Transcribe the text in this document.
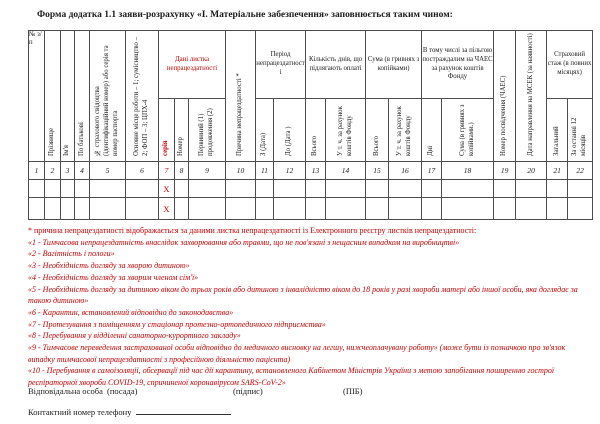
Форма додатка 1.1 заяви-розрахунку «І. Матеріальне забезпечення» заповнюється таким чином:

№ з/п	Прізвище	Ім'я	По батькові	№ страхового свідоцтва (ідентифікаційний номер) або серія та номер паспорта	Основне місце роботи – 1; сумісництво –2; ФОП – 3; ЦПХ-4	Дані листка непрацездатності			Причина непрацездатності *	Період непрацездатності		Кількість днів, що підлягають оплаті		Сума (в гривнях з копійками)		В тому числі за пільгою постраждалим на ЧАЕС за рахунок коштів Фонду		Номер посвідчення (ЧАЕС)	Дата направлення на МСЕК (за наявності)	Страховий стаж (в повних місяцях)	
						серія	Номер	Первинний (1) продовження (2)		З (Дата)	До (Дата )	Всього	У т. ч. за рахунок коштів Фонду	Всього	У т. ч. за рахунок коштів Фонду	Дні	Сума (в гривнях з копійками.)			Загальний	За останні 12 місяців
1	2	3	4	5	6	7	8	9	10	11	12	13	14	15	16	17	18	19	20	21	22
						X															
						X															

* причина непрацездатності відображається за даними листка непрацездатності із Електронного реєстру листків непрацездатності:

«1 - Тимчасова непрацездатність внаслідок захворювання або травми, що не пов'язані з нещасним випадком на виробництві»

«2 - Вагітність і пологи»

«3 - Необхідність догляду за хворою дитиною»

«4 - Необхідність догляду за хворим членом сім'ї»

«5 - Необхідність догляду за дитиною віком до трьох років або дитиною з інвалідністю віком до 18 років у разі хвороби матері або іншої особи, яка доглядає за такою дитиною»

«6 - Карантин, встановлений відповідно до законодавства»

«7 - Протезування з поміщенням у стаціонар протезно-ортопедичного підприємства»

«8 - Перебування у відділенні санаторно-курортного закладу»

«9 - Тимчасове переведення застрахованої особи відповідно до медичного висновку на легшу, нижчеоплачувану роботу» (може бути із позначкою про зв'язок випадку тимчасової непрацездатності з професійною діяльністю пацієнта)

«10 - Перебування в самоізоляції, обсервації під час дії карантину, встановленого Кабінетом Міністрів України з метою запобігання поширенню гострої респіраторної хвороби COVID-19, спричиненої коронавірусом SARS-CoV-2»

Відповідальна особа (посада)	(підпис)	(ПІБ)
Контактний номер телефону
